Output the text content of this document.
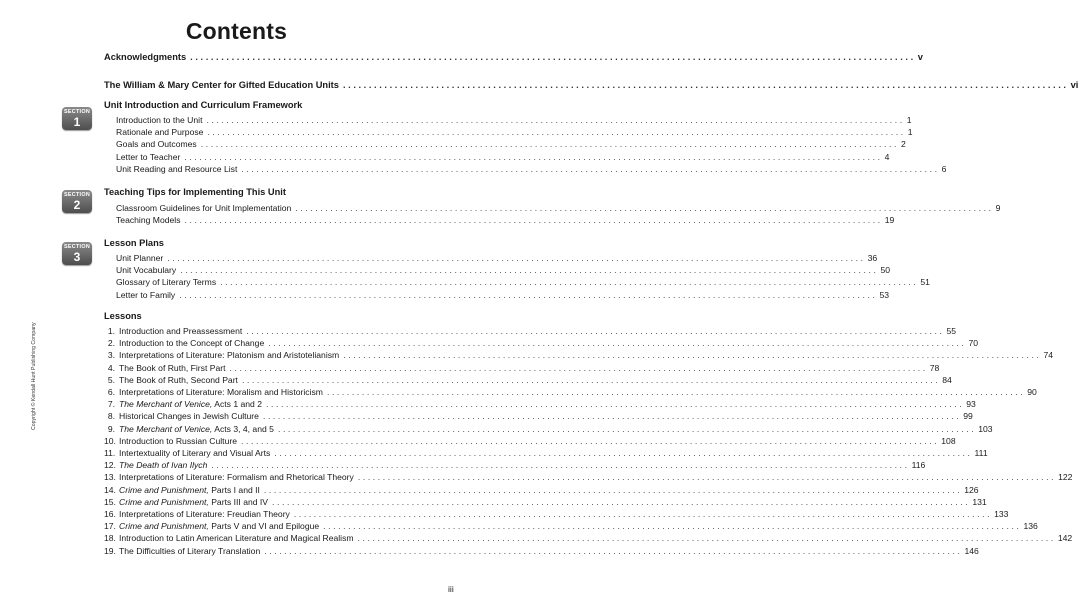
Contents
Acknowledgments ............................................................................................................................................ v
The William & Mary Center for Gifted Education Units ............................................................................................................................................ vi
SECTION
1
Unit Introduction and Curriculum Framework
Introduction to the Unit ............................................................................................................................................ 1
Rationale and Purpose ............................................................................................................................................ 1
Goals and Outcomes ............................................................................................................................................ 2
Letter to Teacher ............................................................................................................................................ 4
Unit Reading and Resource List ............................................................................................................................................ 6
SECTION
2
Teaching Tips for Implementing This Unit
Classroom Guidelines for Unit Implementation ............................................................................................................................................ 9
Teaching Models ............................................................................................................................................ 19
SECTION
3
Lesson Plans
Unit Planner ............................................................................................................................................ 36
Unit Vocabulary ............................................................................................................................................ 50
Glossary of Literary Terms ............................................................................................................................................ 51
Letter to Family ............................................................................................................................................ 53
Lessons
1. Introduction and Preassessment ............................................................................................................................................ 55
2. Introduction to the Concept of Change ............................................................................................................................................ 70
3. Interpretations of Literature: Platonism and Aristotelianism ............................................................................................................................................ 74
4. The Book of Ruth, First Part ............................................................................................................................................ 78
5. The Book of Ruth, Second Part ............................................................................................................................................ 84
6. Interpretations of Literature: Moralism and Historicism ............................................................................................................................................ 90
7. The Merchant of Venice, Acts 1 and 2 ............................................................................................................................................ 93
8. Historical Changes in Jewish Culture ............................................................................................................................................ 99
9. The Merchant of Venice, Acts 3, 4, and 5 ............................................................................................................................................ 103
10. Introduction to Russian Culture ............................................................................................................................................ 108
11. Intertextuality of Literary and Visual Arts ............................................................................................................................................ 111
12. The Death of Ivan Ilych ............................................................................................................................................ 116
13. Interpretations of Literature: Formalism and Rhetorical Theory ............................................................................................................................................ 122
14. Crime and Punishment, Parts I and II ............................................................................................................................................ 126
15. Crime and Punishment, Parts III and IV ............................................................................................................................................ 131
16. Interpretations of Literature: Freudian Theory ............................................................................................................................................ 133
17. Crime and Punishment, Parts V and VI and Epilogue ............................................................................................................................................ 136
18. Introduction to Latin American Literature and Magical Realism ............................................................................................................................................ 142
19. The Difficulties of Literary Translation ............................................................................................................................................ 146
Copyright © Kendall Hunt Publishing Company
iii
